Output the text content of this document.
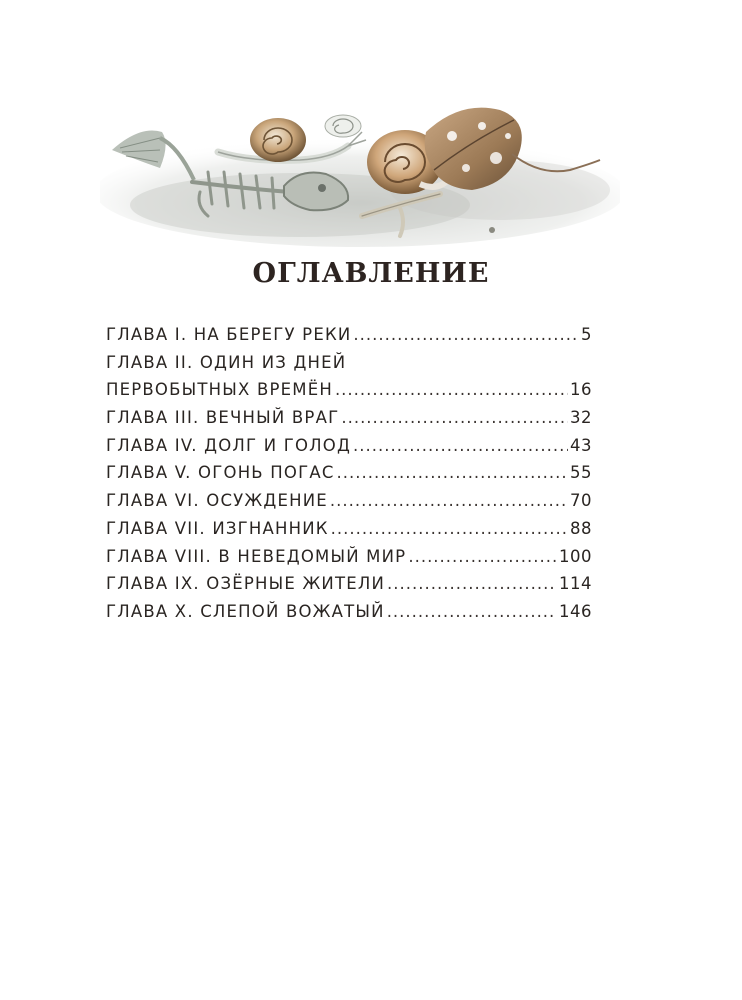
ОГЛАВЛЕНИЕ
ГЛАВА I. НА БЕРЕГУ РЕКИ .....	5
ГЛАВА II. ОДИН ИЗ ДНЕЙ
ПЕРВОБЫТНЫХ ВРЕМЁН .....	16
ГЛАВА III. ВЕЧНЫЙ ВРАГ .....	32
ГЛАВА IV. ДОЛГ И ГОЛОД .....	43
ГЛАВА V. ОГОНЬ ПОГАС .....	55
ГЛАВА VI. ОСУЖДЕНИЕ .....	70
ГЛАВА VII. ИЗГНАННИК .....	88
ГЛАВА VIII. В НЕВЕДОМЫЙ МИР .....	100
ГЛАВА IX. ОЗЁРНЫЕ ЖИТЕЛИ .....	114
ГЛАВА X. СЛЕПОЙ ВОЖАТЫЙ .....	146
